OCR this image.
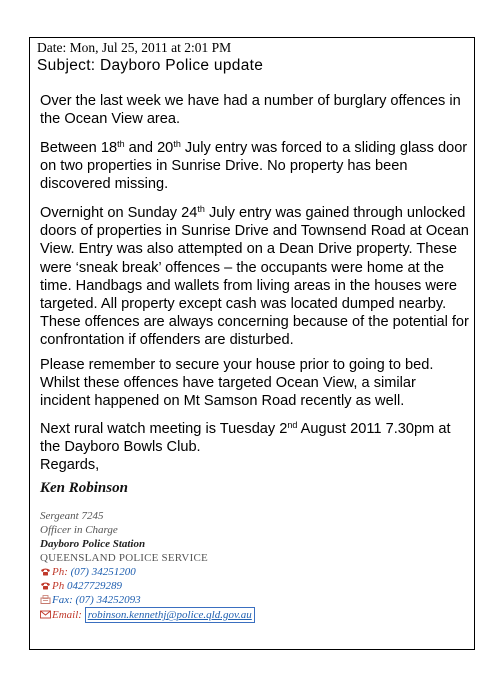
Date: Mon, Jul 25, 2011 at 2:01 PM
Subject: Dayboro Police update
Over the last week we have had a number of burglary offences in the Ocean View area.
Between 18th and 20th July entry was forced to a sliding glass door on two properties in Sunrise Drive. No property has been discovered missing.
Overnight on Sunday 24th July entry was gained through unlocked doors of properties in Sunrise Drive and Townsend Road at Ocean View. Entry was also attempted on a Dean Drive property. These were ‘sneak break’ offences – the occupants were home at the time. Handbags and wallets from living areas in the houses were targeted. All property except cash was located dumped nearby. These offences are always concerning because of the potential for confrontation if offenders are disturbed.
Please remember to secure your house prior to going to bed. Whilst these offences have targeted Ocean View, a similar incident happened on Mt Samson Road recently as well.
Next rural watch meeting is Tuesday 2nd August 2011 7.30pm at the Dayboro Bowls Club.
Regards,
Ken Robinson
Sergeant 7245
Officer in Charge
Dayboro Police Station
QUEENSLAND POLICE SERVICE
Ph: (07) 34251200
Ph 0427729289
Fax: (07) 34252093
Email: robinson.kennethj@police.qld.gov.au
